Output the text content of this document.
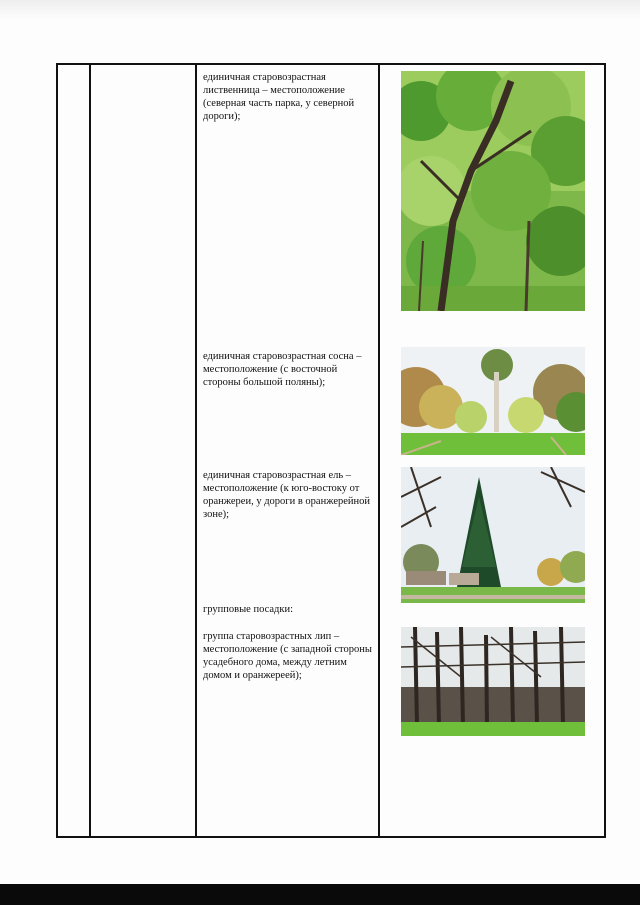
единичная старовозрастная лиственница – местоположение (северная часть парка, у северной дороги);
единичная старовозрастная сосна – местоположение (с восточной стороны большой поляны);
единичная старовозрастная ель – местоположение (к юго-востоку от оранжереи, у дороги в оранжерейной зоне);
групповые посадки:
группа старовозрастных лип – местоположение (с западной стороны усадебного дома, между летним домом и оранжереей);
